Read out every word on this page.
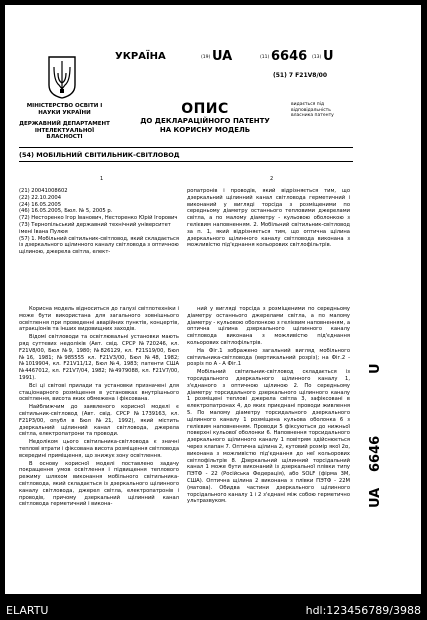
МІНІСТЕРСТВО ОСВІТИ І НАУКИ УКРАЇНИ
ДЕРЖАВНИЙ ДЕПАРТАМЕНТ ІНТЕЛЕКТУАЛЬНОЇ ВЛАСНОСТІ
УКРАЇНА	(19) UA	(11) 6646 (13) U
(51) 7 F21V8/00
ОПИС
ДО ДЕКЛАРАЦІЙНОГО ПАТЕНТУ
НА КОРИСНУ МОДЕЛЬ
видається під відповідальність власника патенту
(54) МОБІЛЬНИЙ СВІТИЛЬНИК-СВІТЛОВОД
1	2
(21) 20041008602
(22) 22.10.2004
(24) 16.05.2005
(46) 16.05.2005, Бюл. № 5, 2005 р.
(72) Несторенко Ігор Іванович, Несторенко Юрій Ігорович
(73) Тернопільський державний технічний університет імені Івана Пулюя
(57) 1. Мобільний світильник-світловод, який складається із дзеркального щілинного каналу світловода з оптичною щілиною, джерела світла, елект-
ропатронів і проводів, який відрізняється тим, що дзеркальний щілинний канал світловода герметичний і виконаний у вигляді торсіда з розміщеними по середньому діаметру останнього тепловими джерелами світла, а по малому діаметру - кульовою оболонкою з гелієвим наповненням. 2. Мобільний світильник-світловод за п. 1, який відрізняється тим, що оптична щілина дзеркального щілинного каналу світловода виконана з можливістю під'єднання кольорових світлофільтрів.

Корисна модель відноситься до галузі світлотехніки і може бути використана для загального зовнішнього освітлення при проведенні аварійних пунктів, концертів, атракціонів та інших видовищних заходів.

Відомі світловоди та освітлювальні установки мають ряд суттєвих недоліків (Авт. свід. СРСР №720246, кл. F21V8/00, Бюл №9, 1980; №826129, кл. F21S19/00, Бюл №16, 1981; №985555 кл. F21V3/00, Бюл №48, 1982; №1019904, кл. F21V11/12, Бюл №4, 1983; патенти США №4467012, кл. F21V7/04, 1982; №4979088, кл. F21V7/00, 1991).

Всі ці світові прилади та установки призначені для стаціонарного розміщення в установках внутрішнього освітлення, висота яких обмежена і фіксована.

Найближчим до заявленого корисної моделі є світильник-світловод (Авт. свід. СРСР №1739163, кл. F21P3/00, опубл в Бюл №21, 1992), який містить дзеркальний щілинний канал світловода, джерела світла, електропатрони та проводи.

Недоліком цього світильника-світловода є значні теплові втрати і фіксована висота розміщення світловода всередині приміщення, що знижує зону освітлення.

В основу корисної моделі поставлено задачу покращення умов освітлення і підвищення теплового режиму шляхом виконання мобільного світильника-світловода, який складається із дзеркального щілинного каналу світловода, джерел світла, електропатронів і проводів, причому дзеркальний щілинний канал світловода герметичний і викона-

ний у вигляді торсіда з розміщеними по середньому діаметру останнього джерелами світла, а по малому діаметру - кульовою оболонкою з гелієвим наповненням, а оптична щілина дзеркального щілинного каналу світловода виконана з можливістю під'єднання кольорових світлофільтрів.

На Фіг.1 зображено загальний вигляд мобільного світильника-світловода (вертикальний розріз); на Фіг.2 - розріз по А - А Фіг.1

Мобільний світильник-світловод складається із торсидального дзеркального щілинного каналу 1, з'єднаного з оптичною щілиною 2. По середньому діаметру торсидального дзеркального щілинного каналу 1 розміщені теплові джерела світла 3, зафіксовані в електропатронах 4, до яких приєднані проводи живлення 5. По малому діаметру торсидального дзеркального щілинного каналу 1 розміщена кульова оболонка 6 з гелієвим наповненням. Проводи 5 фіксуються до нижньої поверхні кульової оболонки 6. Наповнення торсидального дзеркального щілинного каналу 1 повітрям здійснюється через клапан 7. Оптична щілина 2, кутовий розмір якої 2α, виконана з можливістю під'єднання до неї кольорових світлофільтрів 8. Дзеркальний щілинний торсідальний канал 1 може бути виконаний із дзеркальної плівки типу ПЭТФ - 22 (Російська Федерація), або SOLF (фірма 3M, США). Оптична щілина 2 виконана з плівки ПЭТФ - 22М (матова). Обидва частини дзеркального щілинного торсідального каналу 1 і 2 з'єднані між собою герметично ультразвуком.	UA
6646
U
ELARTU	hdl:123456789/3988
